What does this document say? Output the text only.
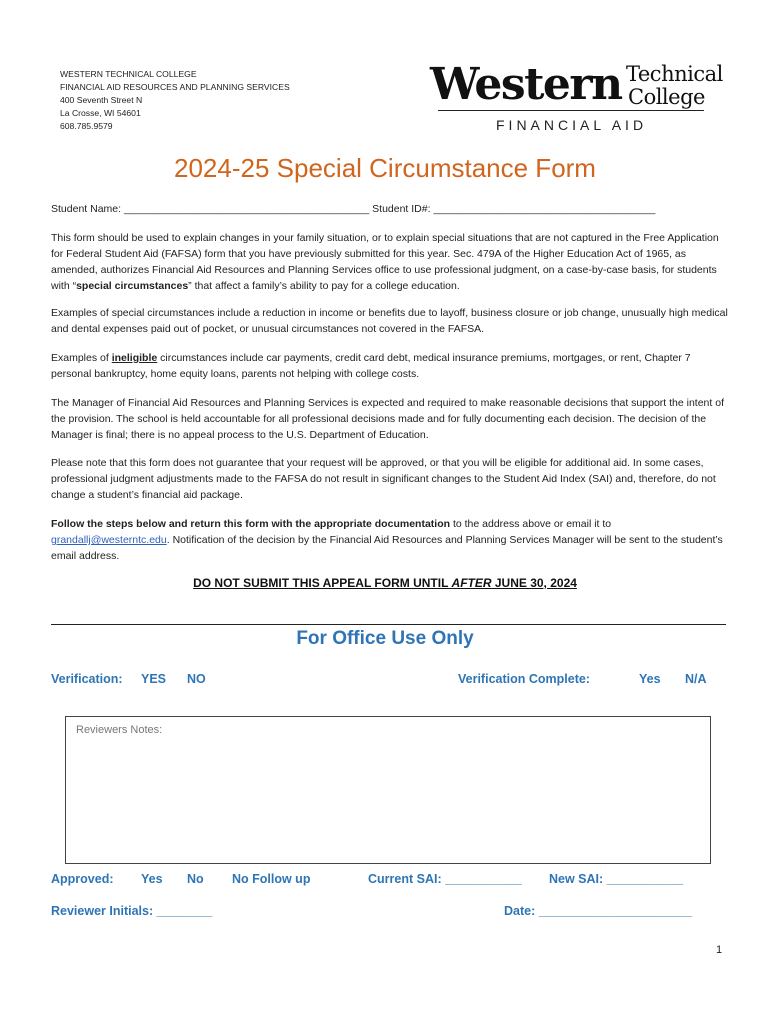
WESTERN TECHNICAL COLLEGE
FINANCIAL AID RESOURCES AND PLANNING SERVICES
400 Seventh Street N
La Crosse, WI 54601
608.785.9579
Western Technical
College
FINANCIAL AID
2024-25 Special Circumstance Form
Student Name: __________________________________________ Student ID#: ______________________________________

This form should be used to explain changes in your family situation, or to explain special situations that are not captured in the Free Application for Federal Student Aid (FAFSA) form that you have previously submitted for this year. Sec. 479A of the Higher Education Act of 1965, as amended, authorizes Financial Aid Resources and Planning Services office to use professional judgment, on a case-by-case basis, for students with “special circumstances” that affect a family’s ability to pay for a college education.

Examples of special circumstances include a reduction in income or benefits due to layoff, business closure or job change, unusually high medical and dental expenses paid out of pocket, or unusual circumstances not covered in the FAFSA.

Examples of ineligible circumstances include car payments, credit card debt, medical insurance premiums, mortgages, or rent, Chapter 7 personal bankruptcy, home equity loans, parents not helping with college costs.

The Manager of Financial Aid Resources and Planning Services is expected and required to make reasonable decisions that support the intent of the provision. The school is held accountable for all professional decisions made and for fully documenting each decision. The decision of the Manager is final; there is no appeal process to the U.S. Department of Education.

Please note that this form does not guarantee that your request will be approved, or that you will be eligible for additional aid. In some cases, professional judgment adjustments made to the FAFSA do not result in significant changes to the Student Aid Index (SAI) and, therefore, do not change a student’s financial aid package.

Follow the steps below and return this form with the appropriate documentation to the address above or email it to grandallj@westerntc.edu. Notification of the decision by the Financial Aid Resources and Planning Services Manager will be sent to the student’s email address.

DO NOT SUBMIT THIS APPEAL FORM UNTIL AFTER JUNE 30, 2024
For Office Use Only
Verification: YES NO	Verification Complete:	Yes N/A
Reviewers Notes:
Approved: Yes No No Follow up	Current SAI: ___________ New SAI: ___________
Reviewer Initials: ________	Date: ______________________
1
